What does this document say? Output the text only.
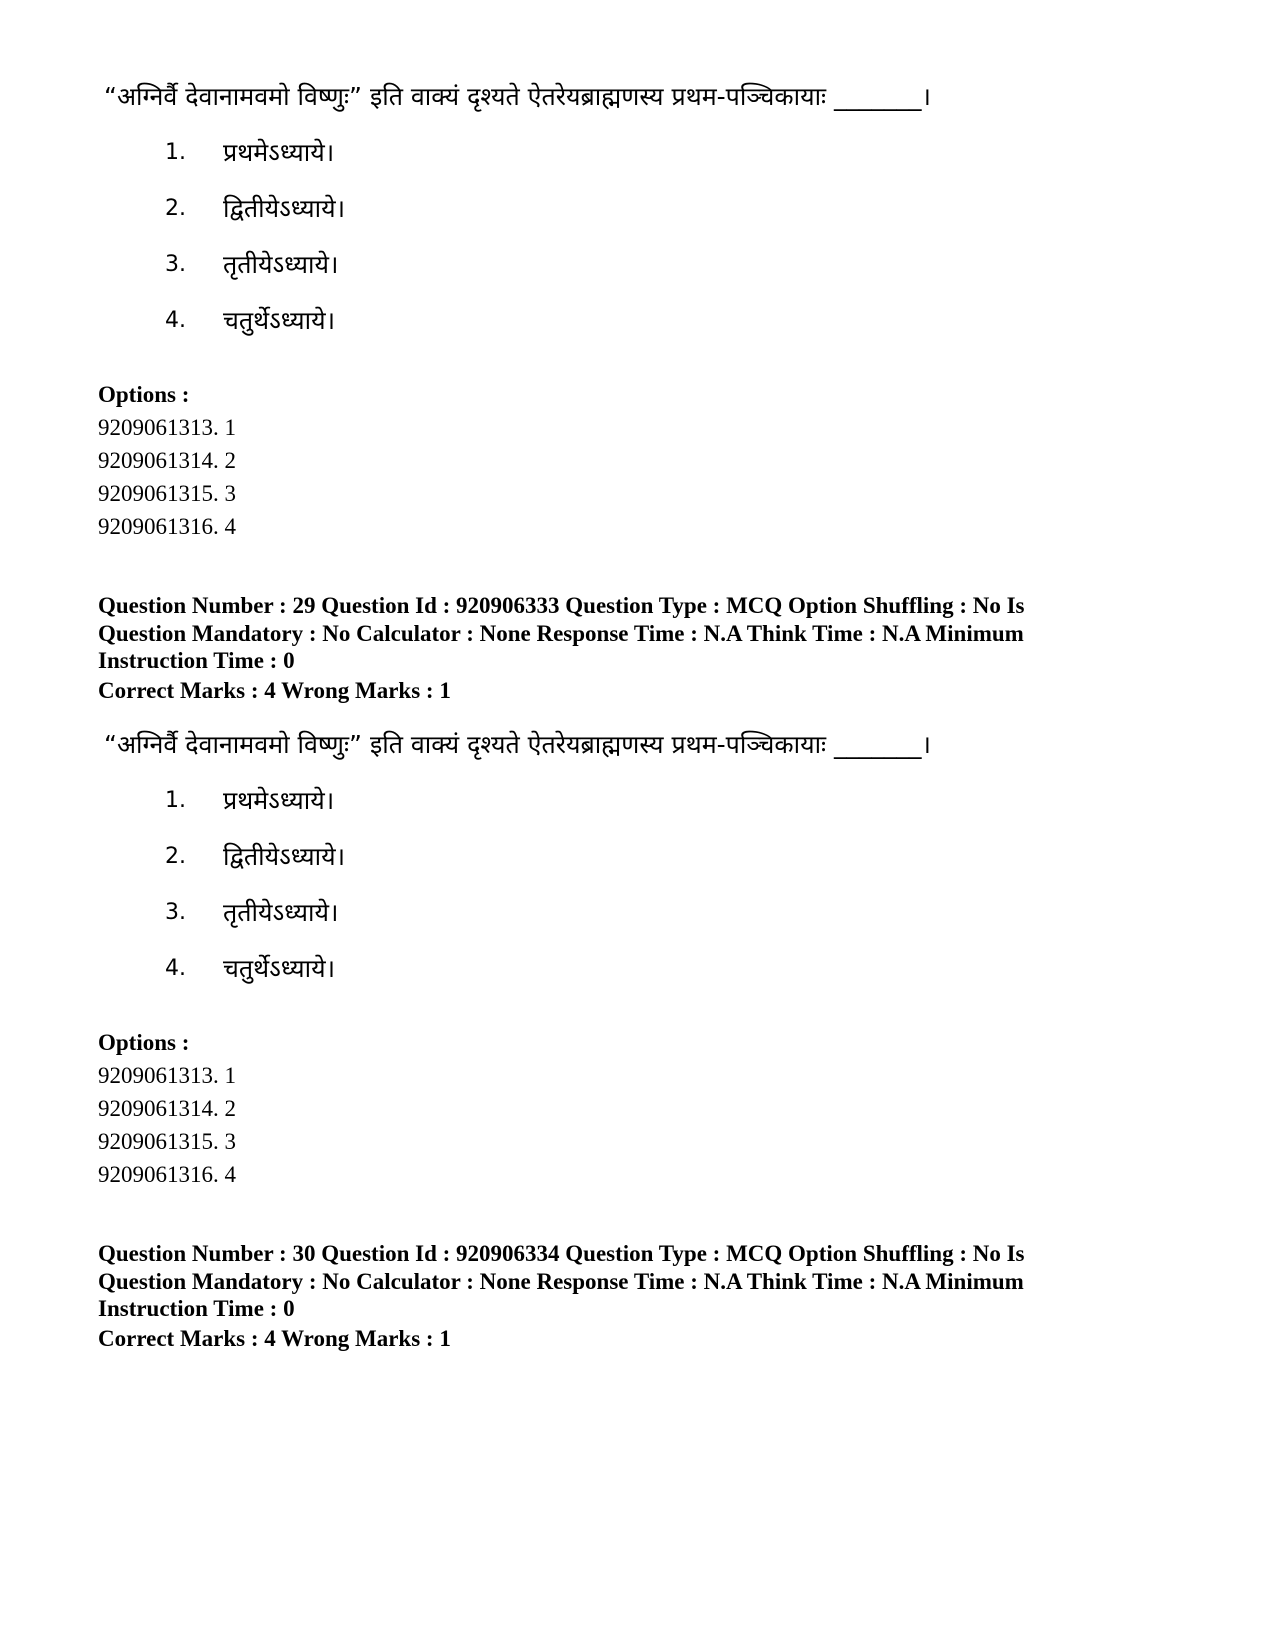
“अग्निर्वै देवानामवमो विष्णुः” इति वाक्यं दृश्यते ऐतरेयब्राह्मणस्य प्रथम-पञ्चिकायाः _______।
1. प्रथमेऽध्याये।
2. द्वितीयेऽध्याये।
3. तृतीयेऽध्याये।
4. चतुर्थेऽध्याये।
Options :
9209061313. 1
9209061314. 2
9209061315. 3
9209061316. 4
Question Number : 29 Question Id : 920906333 Question Type : MCQ Option Shuffling : No Is Question Mandatory : No Calculator : None Response Time : N.A Think Time : N.A Minimum Instruction Time : 0
Correct Marks : 4 Wrong Marks : 1
“अग्निर्वै देवानामवमो विष्णुः” इति वाक्यं दृश्यते ऐतरेयब्राह्मणस्य प्रथम-पञ्चिकायाः _______।
1. प्रथमेऽध्याये।
2. द्वितीयेऽध्याये।
3. तृतीयेऽध्याये।
4. चतुर्थेऽध्याये।
Options :
9209061313. 1
9209061314. 2
9209061315. 3
9209061316. 4
Question Number : 30 Question Id : 920906334 Question Type : MCQ Option Shuffling : No Is Question Mandatory : No Calculator : None Response Time : N.A Think Time : N.A Minimum Instruction Time : 0
Correct Marks : 4 Wrong Marks : 1
